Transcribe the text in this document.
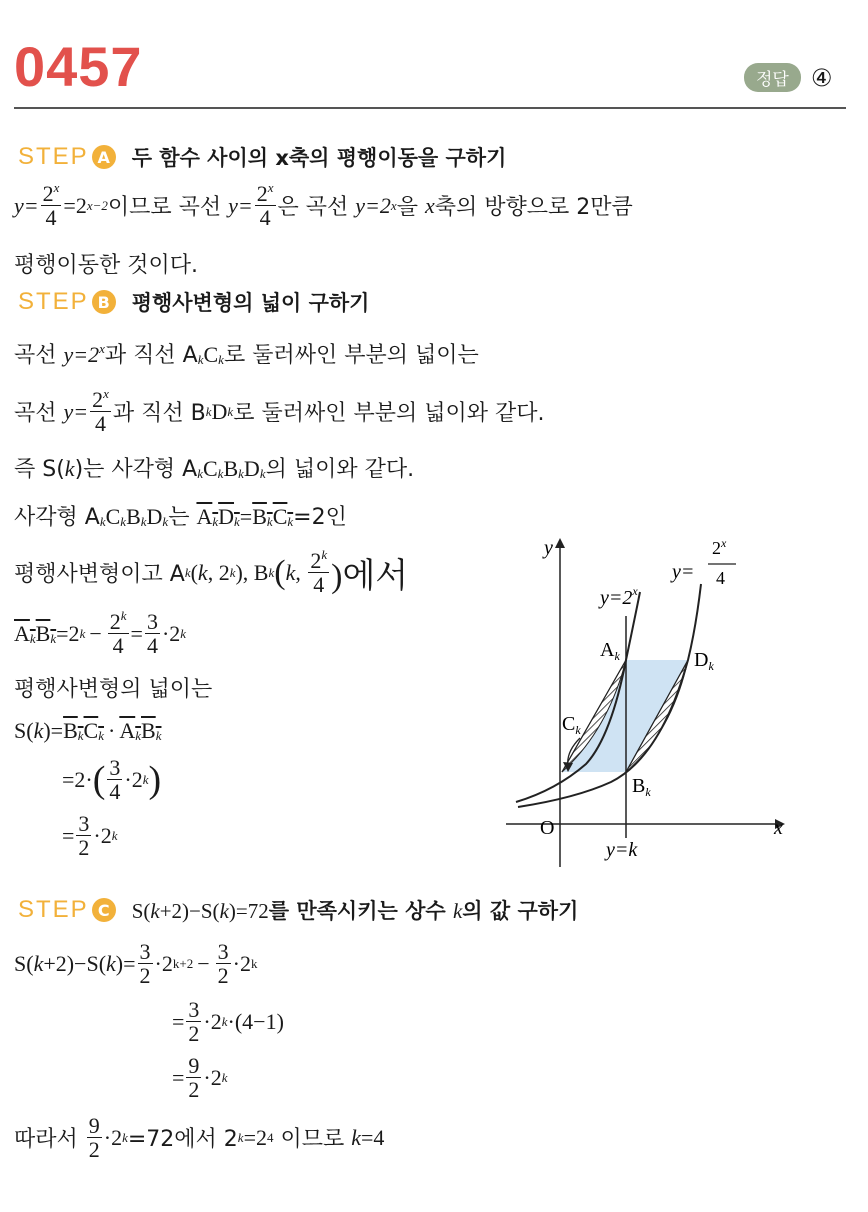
0457	정답 ④
STEP A 두 함수 사이의 x축의 평행이동을 구하기
$y= \frac{2^x}{4} =2$ x−2 이므로 곡선 $y= \frac{2^x}{4}$ 은 곡선 y=2 x 을 x 축의 방향으로 2만큼
평행이동한 것이다.
STEP B 평행사변형의 넓이 구하기
곡선 $y=2^x$과 직선 $A_kC_k$로 둘러싸인 부분의 넓이는
곡선 $y= \frac{2^x}{4}$ 과 직선 B k D k 로 둘러싸인 부분의 넓이와 같다.
즉 S(k)는 사각형 $A_kC_kB_kD_k$의 넓이와 같다.
사각형 $A_kC_kB_kD_k$는 $A_kD_k=B_kC_k=2$인
평행사변형이고 A k ( k , 2 k ), B k ( k , $\frac{2^k}{4}$ )에서
$A_kB_k =2$ $k - \frac{2^k}{4} = \frac{3}{4} \cdot 2$ k
평행사변형의 넓이는
$S(k)=B_kC_k \cdot A_kB_k$
=2· ( $\frac{3}{4} \cdot 2$ k )
= $\frac{3}{2} \cdot 2$ k
y
x
O
$y=2^x$
y=
$2^x$
4
$A_k$	$D_k$
$C_k$
$B_k$
y=k
STEP C S(k+2)−S(k)=72를 만족시키는 상수 k의 값 구하기
S( k +2)−S( k )= $\frac{3}{2} \cdot 2$ $k+2 - \frac{3}{2} \cdot 2$ k
= $\frac{3}{2} \cdot 2$ k ·(4−1)
= $\frac{9}{2} \cdot 2$ k
따라서 $\frac{9}{2} \cdot 2$ k =72에서 2 k =2 4 이므로 k =4
